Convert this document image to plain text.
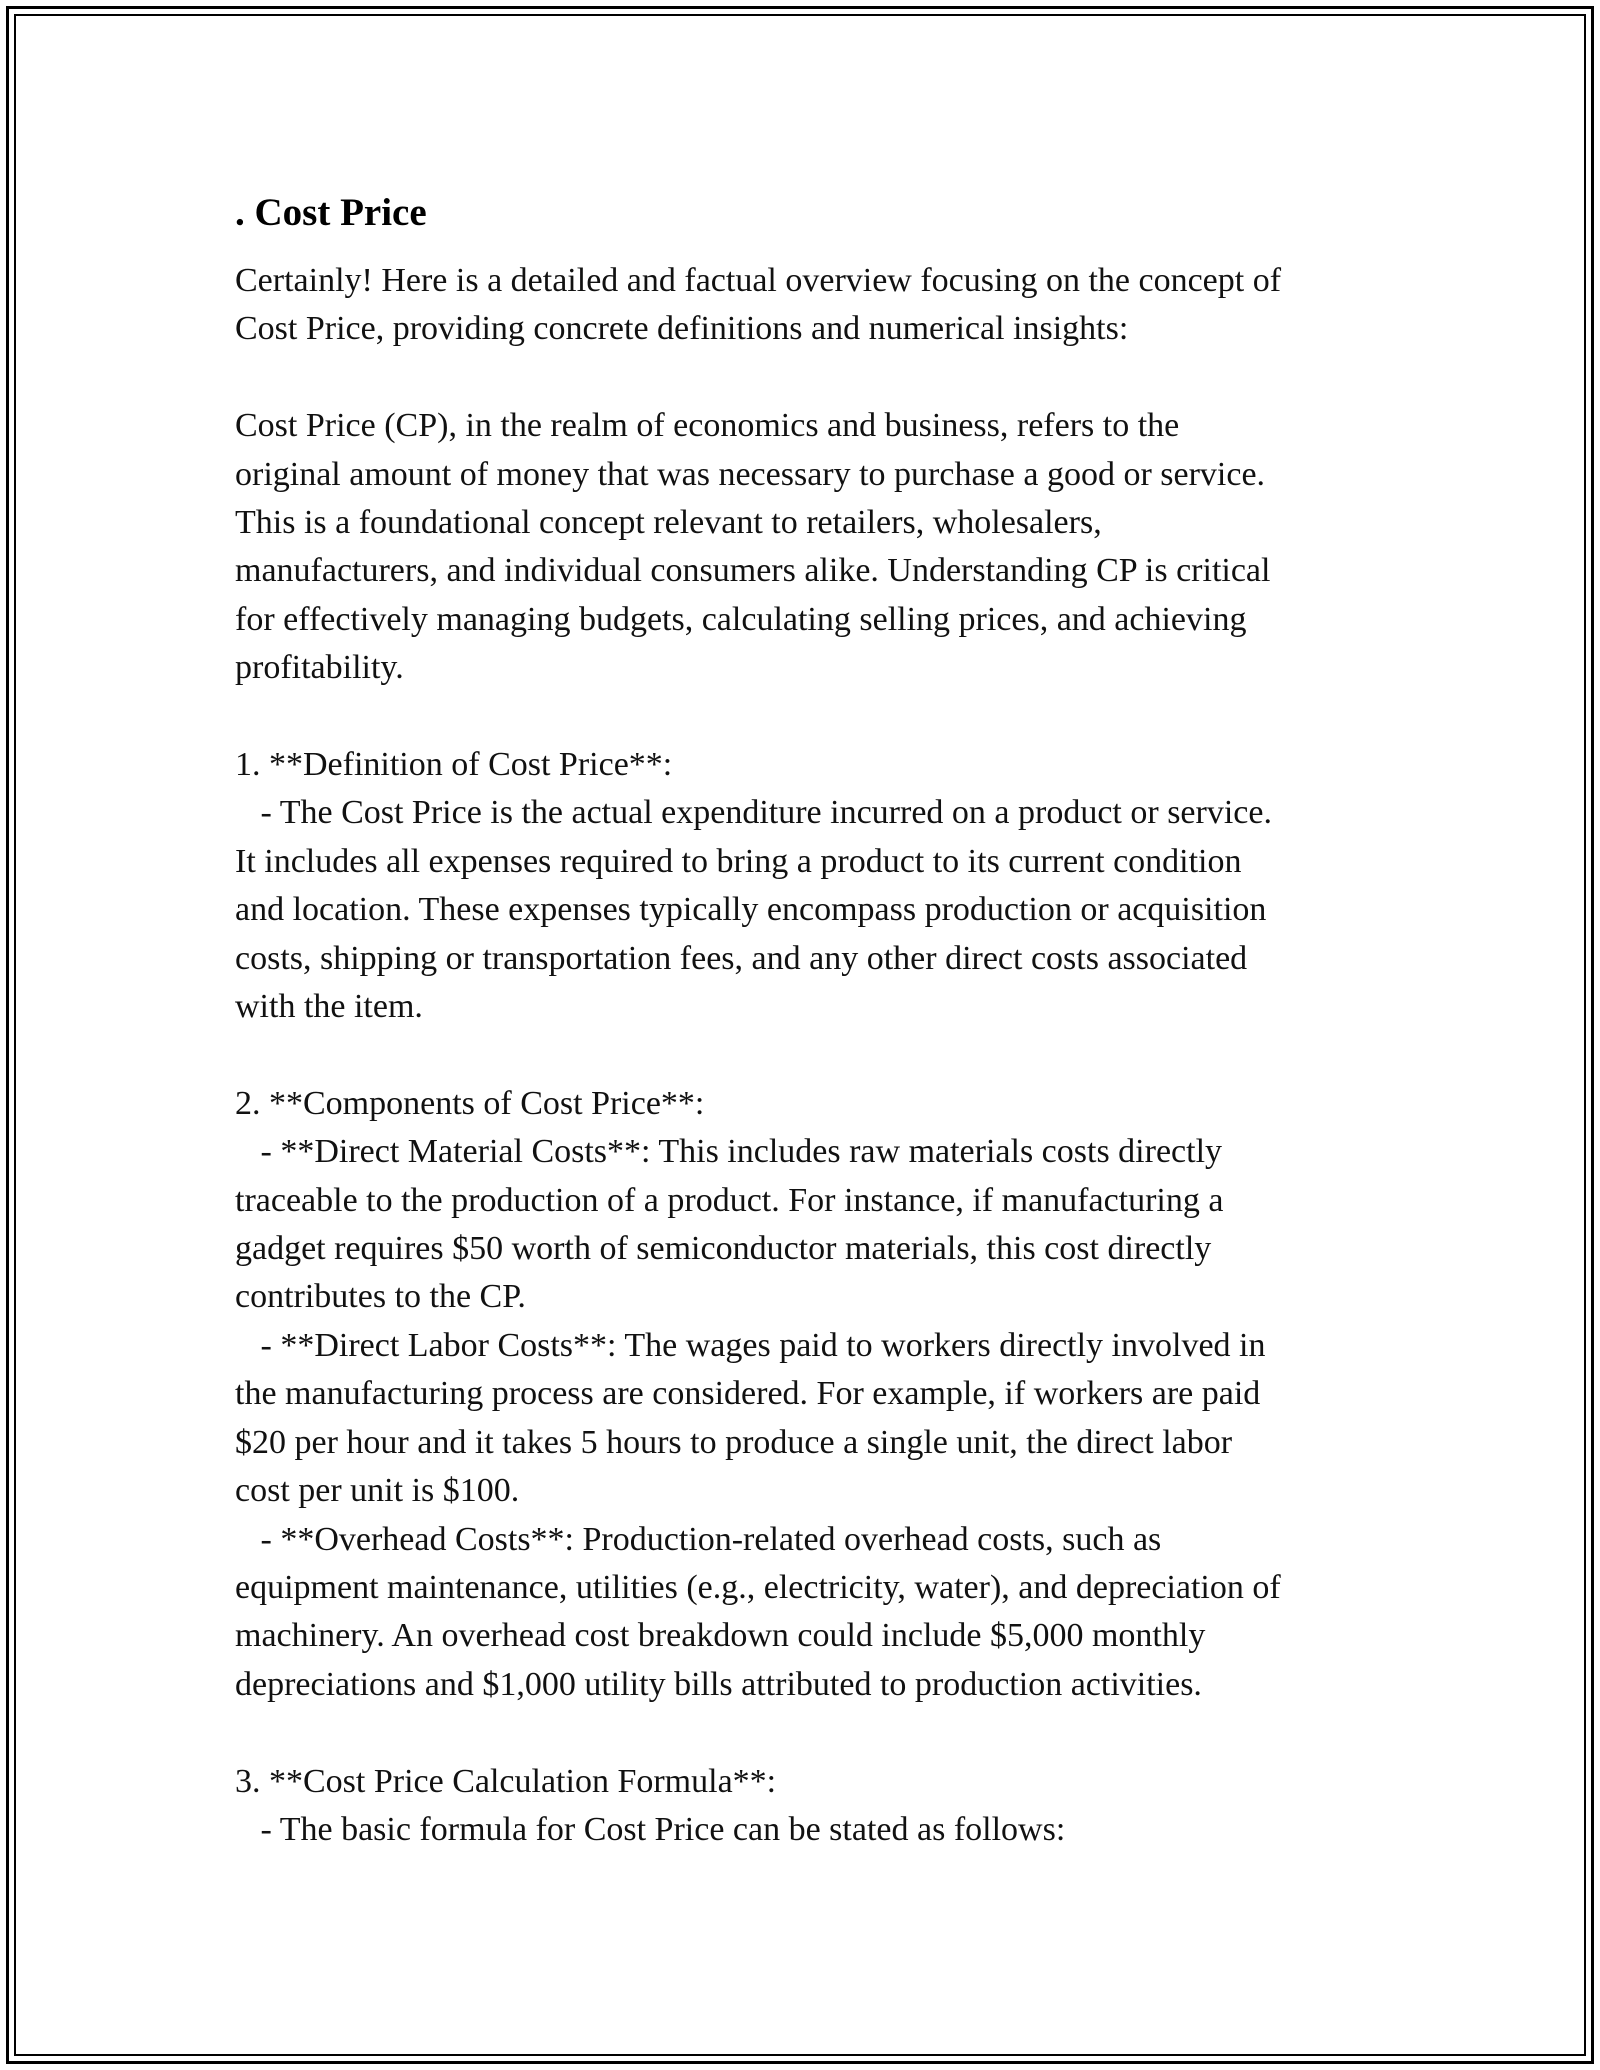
. Cost Price

Certainly! Here is a detailed and factual overview focusing on the concept of
Cost Price, providing concrete definitions and numerical insights:

Cost Price (CP), in the realm of economics and business, refers to the
original amount of money that was necessary to purchase a good or service.
This is a foundational concept relevant to retailers, wholesalers,
manufacturers, and individual consumers alike. Understanding CP is critical
for effectively managing budgets, calculating selling prices, and achieving
profitability.

1. **Definition of Cost Price**:
- The Cost Price is the actual expenditure incurred on a product or service.
It includes all expenses required to bring a product to its current condition
and location. These expenses typically encompass production or acquisition
costs, shipping or transportation fees, and any other direct costs associated
with the item.

2. **Components of Cost Price**:
- **Direct Material Costs**: This includes raw materials costs directly
traceable to the production of a product. For instance, if manufacturing a
gadget requires $50 worth of semiconductor materials, this cost directly
contributes to the CP.
- **Direct Labor Costs**: The wages paid to workers directly involved in
the manufacturing process are considered. For example, if workers are paid
$20 per hour and it takes 5 hours to produce a single unit, the direct labor
cost per unit is $100.
- **Overhead Costs**: Production-related overhead costs, such as
equipment maintenance, utilities (e.g., electricity, water), and depreciation of
machinery. An overhead cost breakdown could include $5,000 monthly
depreciations and $1,000 utility bills attributed to production activities.

3. **Cost Price Calculation Formula**:
- The basic formula for Cost Price can be stated as follows:
